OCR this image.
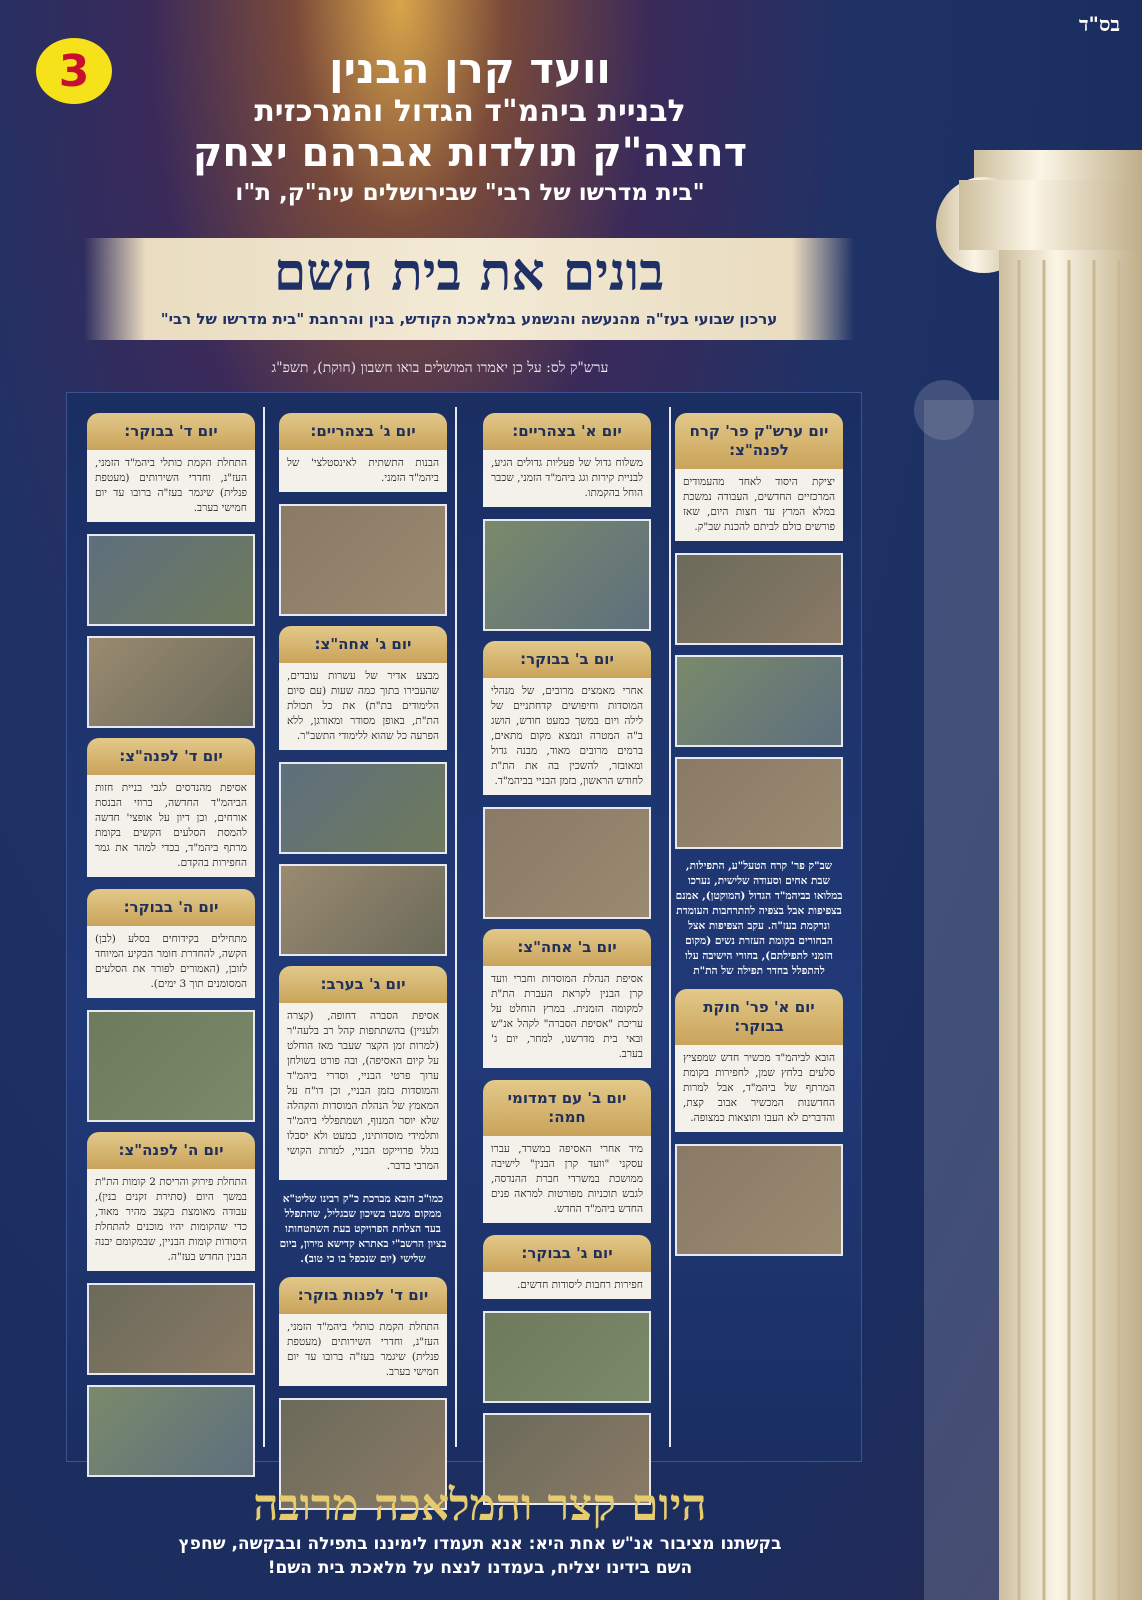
בס"ד
3	וועד קרן הבנין
לבניית ביהמ"ד הגדול והמרכזית
דחצה"ק תולדות אברהם יצחק
"בית מדרשו של רבי" שבירושלים עיה"ק, ת"ו
בונים את בית השם
ערכון שבועי בעז"ה מהנעשה והנשמע במלאכת הקודש, בנין והרחבת "בית מדרשו של רבי"
ערש"ק לס: על כן יאמרו המושלים בואו חשבון (חוקת), תשפ"ג
יום ערש"ק פר' קרח לפנה"צ:
יציקת היסוד לאחד מהעמודים המרכזיים החדשים, העבודה נמשכת במלא המרץ עד חצות היום, שאז פורשים כולם לביתם להכנת שב"ק.
שב"ק פר' קרח הטעל"ע, התפילות, שבת אחים וסעודה שלישית, נערכו במלואו בביהמ"ד הגדול (המוקטן), אמנם בצפיפות אבל בצפיה להתרחבות העומדת ונרקמת בעז"ה. עקב הצפיפות אצל הבחורים בקומת העזרת נשים (מקום הזמני לתפילתם), בחורי הישיבה עלו להתפלל בחדר תפילה של הת"ת
יום א' פר' חוקת בבוקר:
הובא לביהמ"ד מכשיר חדש שמפציץ סלעים בלחץ שמן, לחפירות בקומת המרתף של ביהמ"ד, אבל למרות החדשנות המכשיר אבוב קצת, והדברים לא העבו ותוצאות כמצופה.
יום א' בצהריים:
משלוח גדול של פעליות גדולים הגיע, לבניית קירות וגג ביהמ"ד הזמני, שכבר הוחל בהקמתו.
יום ב' בבוקר:
אחרי מאמצים מרובים, של מנהלי המוסדות וחיפושים קדחתניים של לילה ויום במשך כמעט חודש, הושג ב"ה המטרה ונמצא מקום מתאים, ברמים מרובים מאוד, מבנה גדול ומאובזר, להשכין בה את הת"ת לחודש הראשון, בזמן הבניי בביהמ"ד.
יום ב' אחה"צ:
אסיפת הנהלת המוסדות וחברי וועד קרן הבנין לקראת העברת הת"ת למקומה הזמנית. במרץ הוחלט על עריכת "אסיפת הסברה" לקהל אנ"ש ובאי בית מדרשנו, למחר, יום ג' בערב.
יום ב' עם דמדומי חמה:
מיד אחרי האסיפה במשרד, עברו עסקני "וועד קרן הבנין" לישיבה ממושכת במשרדי חברת ההנדסה, לגבש תוכניות מפורטות למראה פנים החדש ביהמ"ד החדש.
יום ג' בבוקר:
חפירות רחבות ליסודות חדשים.
יום ג' בצהריים:
הבנות התשתית לאינסטלצי' של ביהמ"ד הזמני.
יום ג' אחה"צ:
מבצע אדיר של עשרות עובדים, שהעבירו בתוך כמה שעות (עם סיום הלימודים בת"ת) את כל תכולת הת"ת, באופן מסודר ומאורגן, ללא הפרעה כל שהוא ללימודי התשב"ר.
יום ג' בערב:
אסיפת הסברה דחופה, (קצרה ולעניין) בהשתתפות קהל רב בלעה"ר (למרות זמן הקצר שעבר מאז הוחלט על קיום האסיפה), ובה פורט בשולחן ערוך פרטי הבניי, וסדרי ביהמ"ד והמוסדות בזמן הבניי, וכן דו"ח על המאמץ של הנהלת המוסדות והקהלה שלא יוסר המנוף, ושמתפללי ביהמ"ד ותלמידי מוסדותינו, כמעט ולא יסבלו בגלל פרוייקט הבניי, למרות הקושי המרבי בדבר.
כמו"כ הובא מברכת כ"ק רבינו שליט"א ממקום משבו בשיכון שבגליל, שהתפלל בעד הצלחת הפרויקט בעת השתטחותו בציון הרשב"י באתרא קדישא מירון, ביום שלישי (יום שנכפל בו כי טוב).
יום ד' לפנות בוקר:
התחלת הקמת כותלי ביהמ"ד הזמני, העז"נ, וחדרי השירותים (מעטפת פנלית) שיגמר בעז"ה ברובו עד יום חמישי בערב.
יום ד' בבוקר:
התחלת הקמת כותלי ביהמ"ד הזמני, העז"נ, וחדרי השירותים (מעטפת פנלית) שיגמר בעז"ה ברובו עד יום חמישי בערב.
יום ד' לפנה"צ:
אסיפת מהנדסים לגבי בניית חזות הביהמ"ד החדשה, ברוזי הבנסת אורחים, וכן דיון על אופצי' חדשה להמסת הסלעים הקשים בקומת מרתף ביהמ"ד, בכדי למהר את גמר החפירות בהקדם.
יום ה' בבוקר:
מתחילים בקידוחים בסלע (לבן) הקשה, להחדרת חומר הבקיע המיוחד לזובן, (האמורים לפורר את הסלעים המסומנים תוך 3 ימים).
יום ה' לפנה"צ:
התחלת פירוק והריסת 2 קומות הת"ת במשך היום (סתירת זקנים בנין), עבודה מאומצת בקצב מהיר מאוד, כדי שהקומות יהיו מוכנים להתחלת היסודות קומות הבניין, שבמקומם יבנה הבנין החדש בעז"ה.
היום קצר והמלאכה מרובה
בקשתנו מציבור אנ"ש אחת היא: אנא תעמדו לימיננו בתפילה ובבקשה, שחפץ
השם בידינו יצליח, בעמדנו לנצח על מלאכת בית השם!
